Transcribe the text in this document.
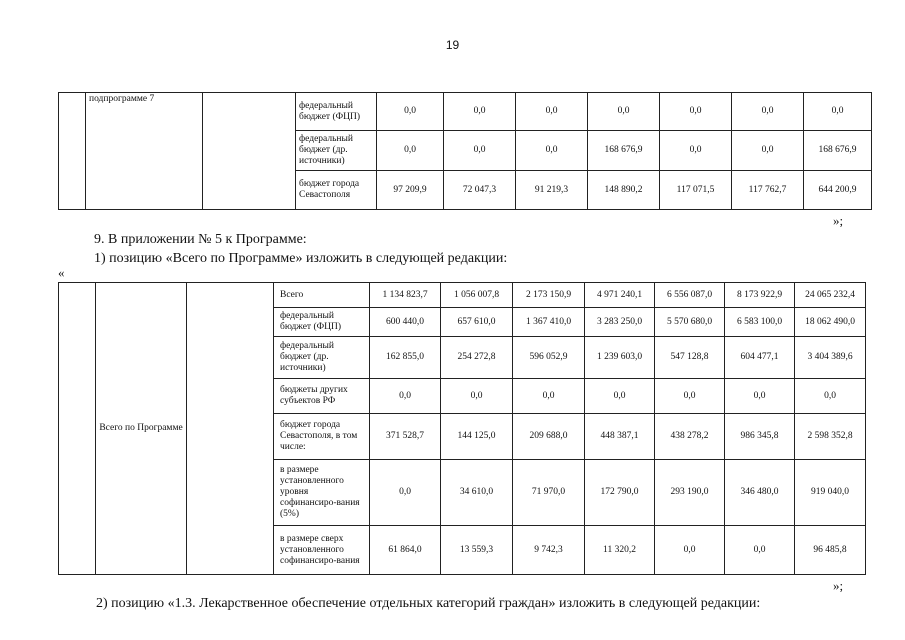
19
	подпрограмме 7		федеральный бюджет (ФЦП)	0,0	0,0	0,0	0,0	0,0	0,0	0,0
			федеральный бюджет (др. источники)	0,0	0,0	0,0	168 676,9	0,0	0,0	168 676,9
			бюджет города Севастополя	97 209,9	72 047,3	91 219,3	148 890,2	117 071,5	117 762,7	644 200,9
»;
9. В приложении № 5 к Программе:
1) позицию «Всего по Программе» изложить в следующей редакции:
«
	Всего по Программе		Всего	1 134 823,7	1 056 007,8	2 173 150,9	4 971 240,1	6 556 087,0	8 173 922,9	24 065 232,4
			федеральный бюджет (ФЦП)	600 440,0	657 610,0	1 367 410,0	3 283 250,0	5 570 680,0	6 583 100,0	18 062 490,0
			федеральный бюджет (др. источники)	162 855,0	254 272,8	596 052,9	1 239 603,0	547 128,8	604 477,1	3 404 389,6
			бюджеты других субъектов РФ	0,0	0,0	0,0	0,0	0,0	0,0	0,0
			бюджет города Севастополя, в том числе:	371 528,7	144 125,0	209 688,0	448 387,1	438 278,2	986 345,8	2 598 352,8
			в размере установленного уровня софинансиро-вания (5%)	0,0	34 610,0	71 970,0	172 790,0	293 190,0	346 480,0	919 040,0
			в размере сверх установленного софинансиро-вания	61 864,0	13 559,3	9 742,3	11 320,2	0,0	0,0	96 485,8
»;
2) позицию «1.3. Лекарственное обеспечение отдельных категорий граждан» изложить в следующей редакции:
